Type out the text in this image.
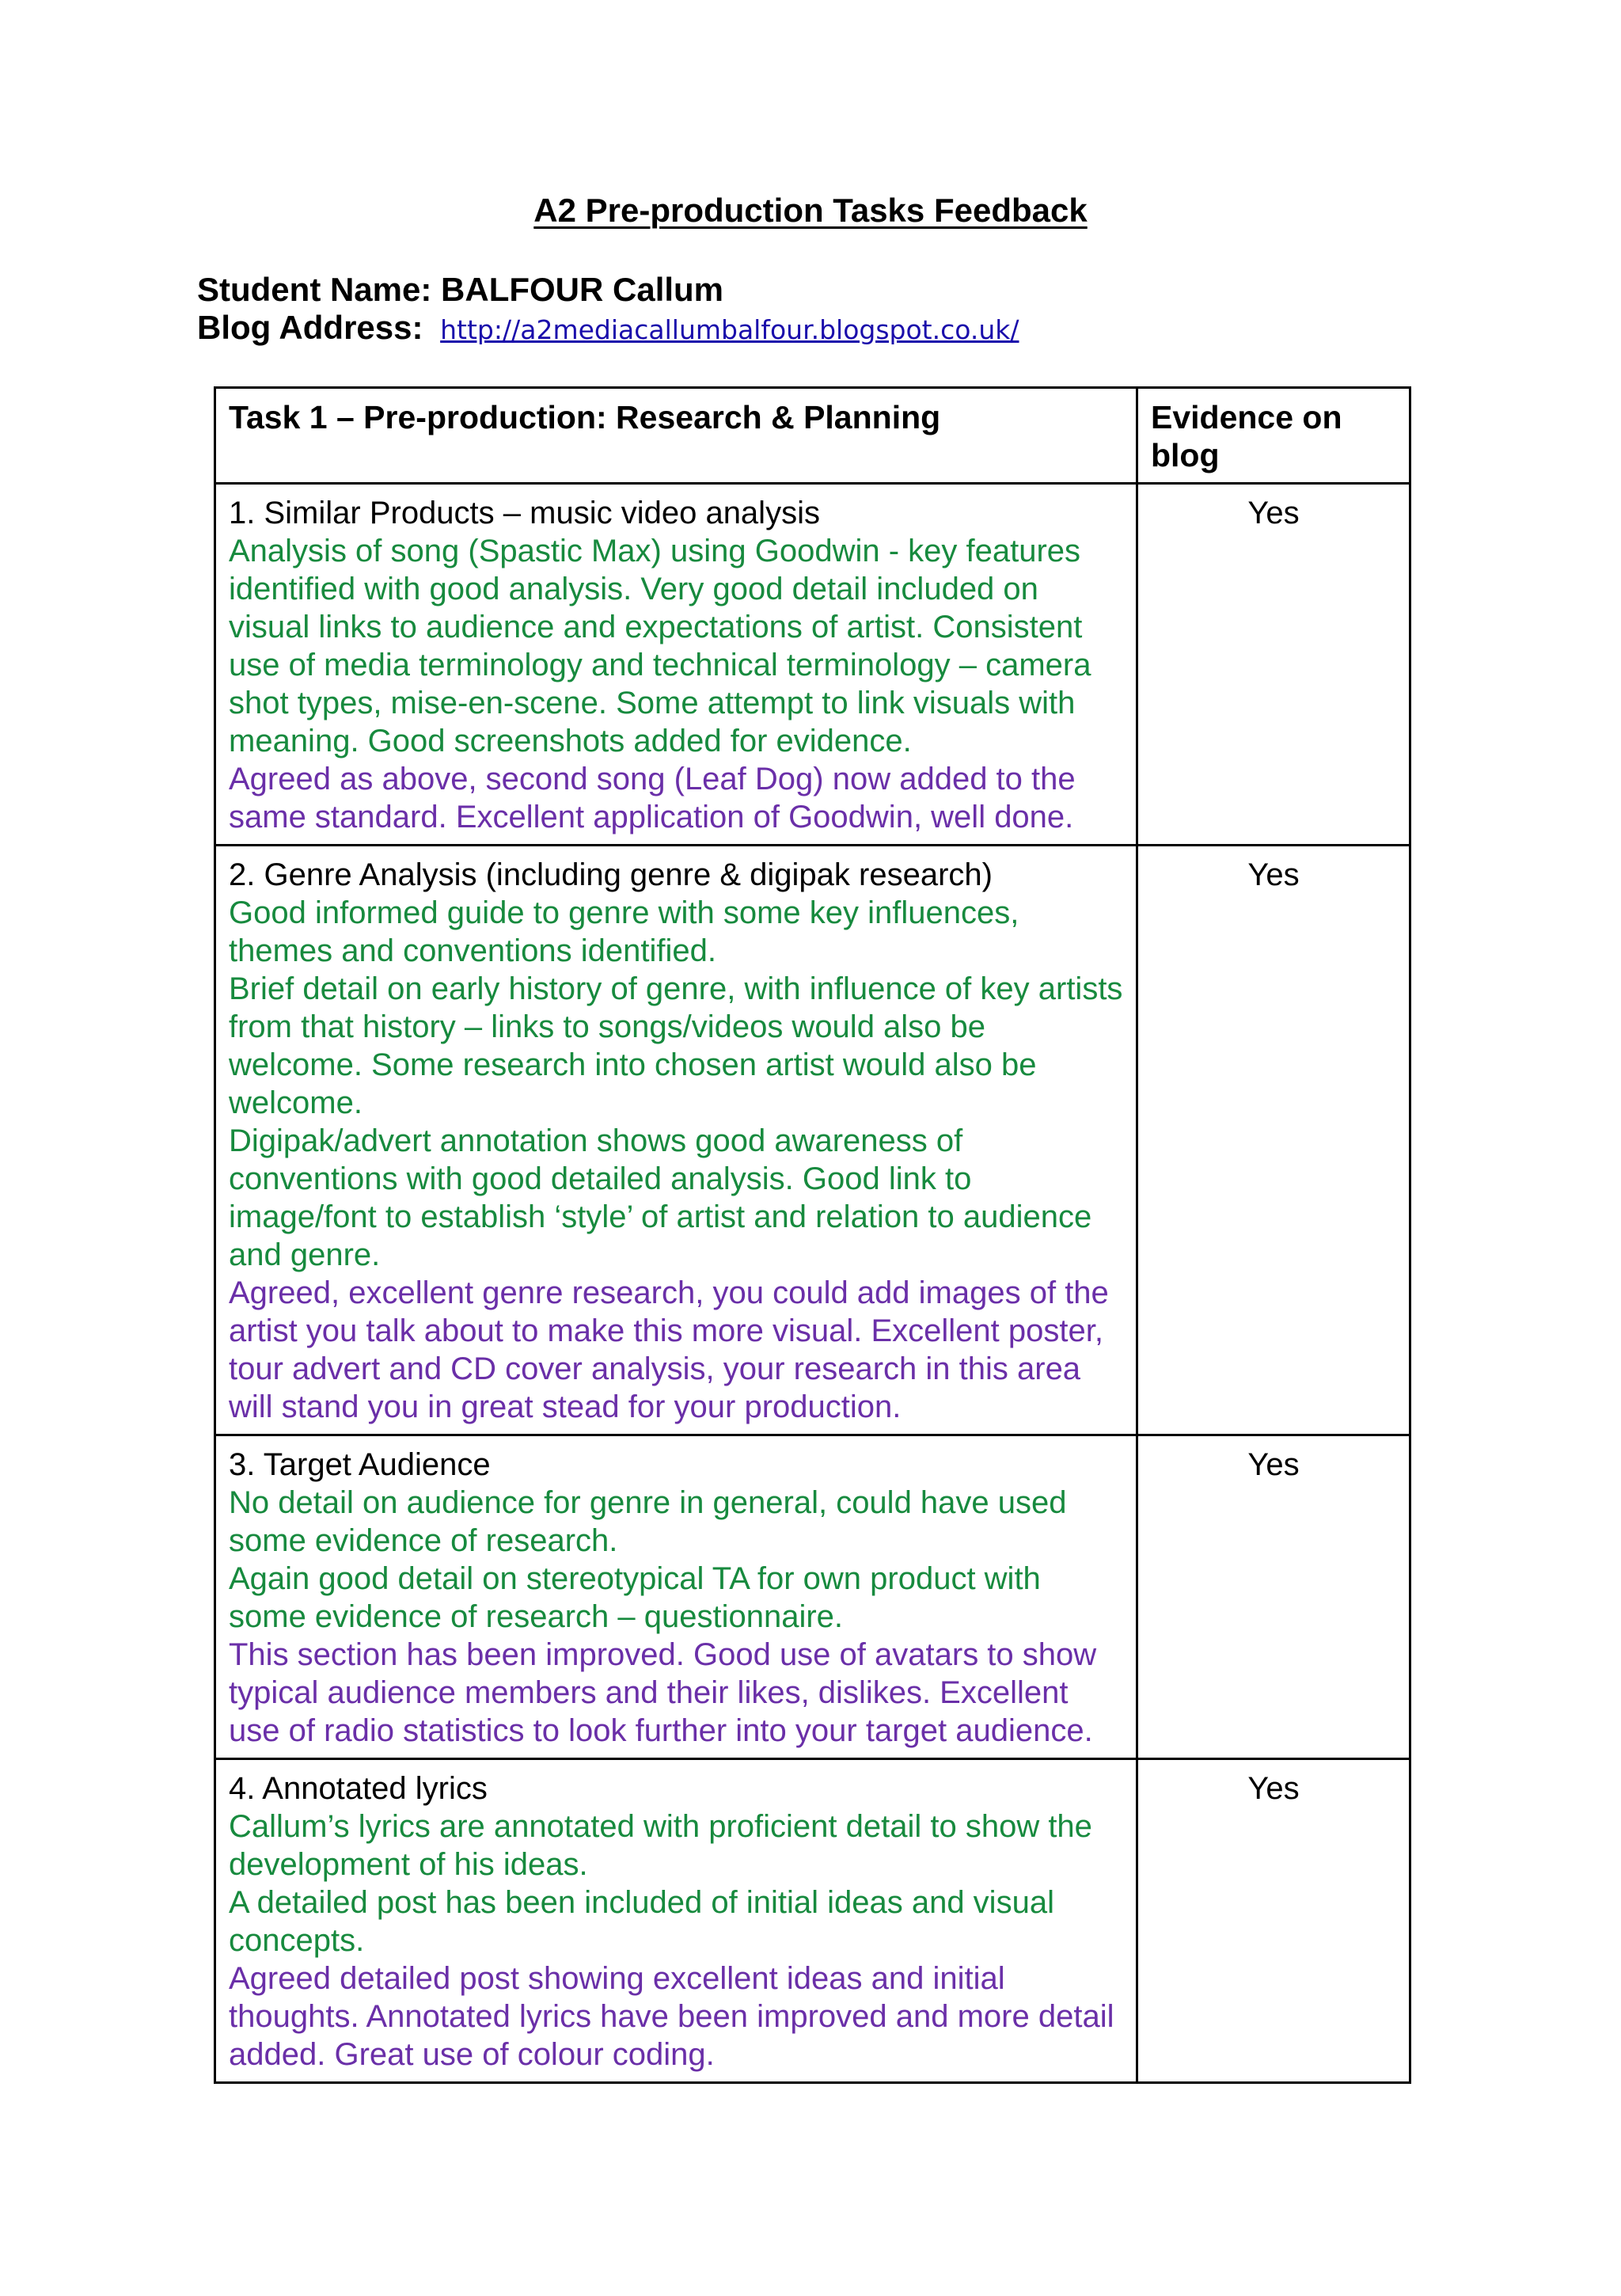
A2 Pre-production Tasks Feedback
Student Name: BALFOUR Callum
Blog Address: http://a2mediacallumbalfour.blogspot.co.uk/
Task 1 – Pre-production: Research & Planning	Evidence on blog

1. Similar Products – music video analysis
Analysis of song (Spastic Max) using Goodwin - key features identified with good analysis. Very good detail included on visual links to audience and expectations of artist. Consistent use of media terminology and technical terminology – camera shot types, mise-en-scene. Some attempt to link visuals with meaning. Good screenshots added for evidence.
Agreed as above, second song (Leaf Dog) now added to the same standard. Excellent application of Goodwin, well done.	Yes

2. Genre Analysis (including genre & digipak research)
Good informed guide to genre with some key influences, themes and conventions identified.
Brief detail on early history of genre, with influence of key artists from that history – links to songs/videos would also be welcome. Some research into chosen artist would also be welcome.
Digipak/advert annotation shows good awareness of conventions with good detailed analysis. Good link to image/font to establish ‘style’ of artist and relation to audience and genre.
Agreed, excellent genre research, you could add images of the artist you talk about to make this more visual. Excellent poster, tour advert and CD cover analysis, your research in this area will stand you in great stead for your production.	Yes

3. Target Audience
No detail on audience for genre in general, could have used some evidence of research.
Again good detail on stereotypical TA for own product with some evidence of research – questionnaire.
This section has been improved. Good use of avatars to show typical audience members and their likes, dislikes. Excellent use of radio statistics to look further into your target audience.	Yes

4. Annotated lyrics
Callum’s lyrics are annotated with proficient detail to show the development of his ideas.
A detailed post has been included of initial ideas and visual concepts.
Agreed detailed post showing excellent ideas and initial thoughts. Annotated lyrics have been improved and more detail added. Great use of colour coding.	Yes
